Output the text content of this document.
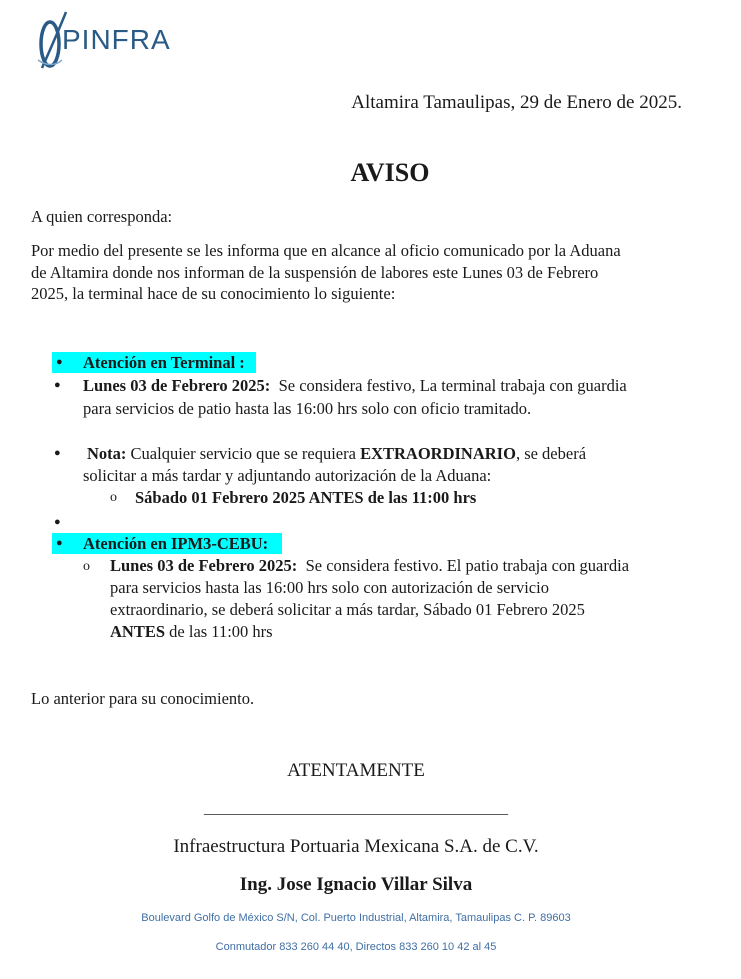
PINFRA
Altamira Tamaulipas, 29 de Enero de 2025.
AVISO
A quien corresponda:
Por medio del presente se les informa que en alcance al oficio comunicado por la Aduana
de Altamira donde nos informan de la suspensión de labores este Lunes 03 de Febrero
2025, la terminal hace de su conocimiento lo siguiente:
● Atención en Terminal :
● Lunes 03 de Febrero 2025: Se considera festivo, La terminal trabaja con guardia
para servicios de patio hasta las 16:00 hrs solo con oficio tramitado.
● Nota: Cualquier servicio que se requiera EXTRAORDINARIO, se deberá
solicitar a más tardar y adjuntando autorización de la Aduana:
o Sábado 01 Febrero 2025 ANTES de las 11:00 hrs
●
● Atención en IPM3-CEBU:
o Lunes 03 de Febrero 2025: Se considera festivo. El patio trabaja con guardia
para servicios hasta las 16:00 hrs solo con autorización de servicio
extraordinario, se deberá solicitar a más tardar, Sábado 01 Febrero 2025
ANTES de las 11:00 hrs
Lo anterior para su conocimiento.
ATENTAMENTE
______________________________________
Infraestructura Portuaria Mexicana S.A. de C.V.
Ing. Jose Ignacio Villar Silva
Boulevard Golfo de México S/N, Col. Puerto Industrial, Altamira, Tamaulipas C. P. 89603
Conmutador 833 260 44 40, Directos 833 260 10 42 al 45
